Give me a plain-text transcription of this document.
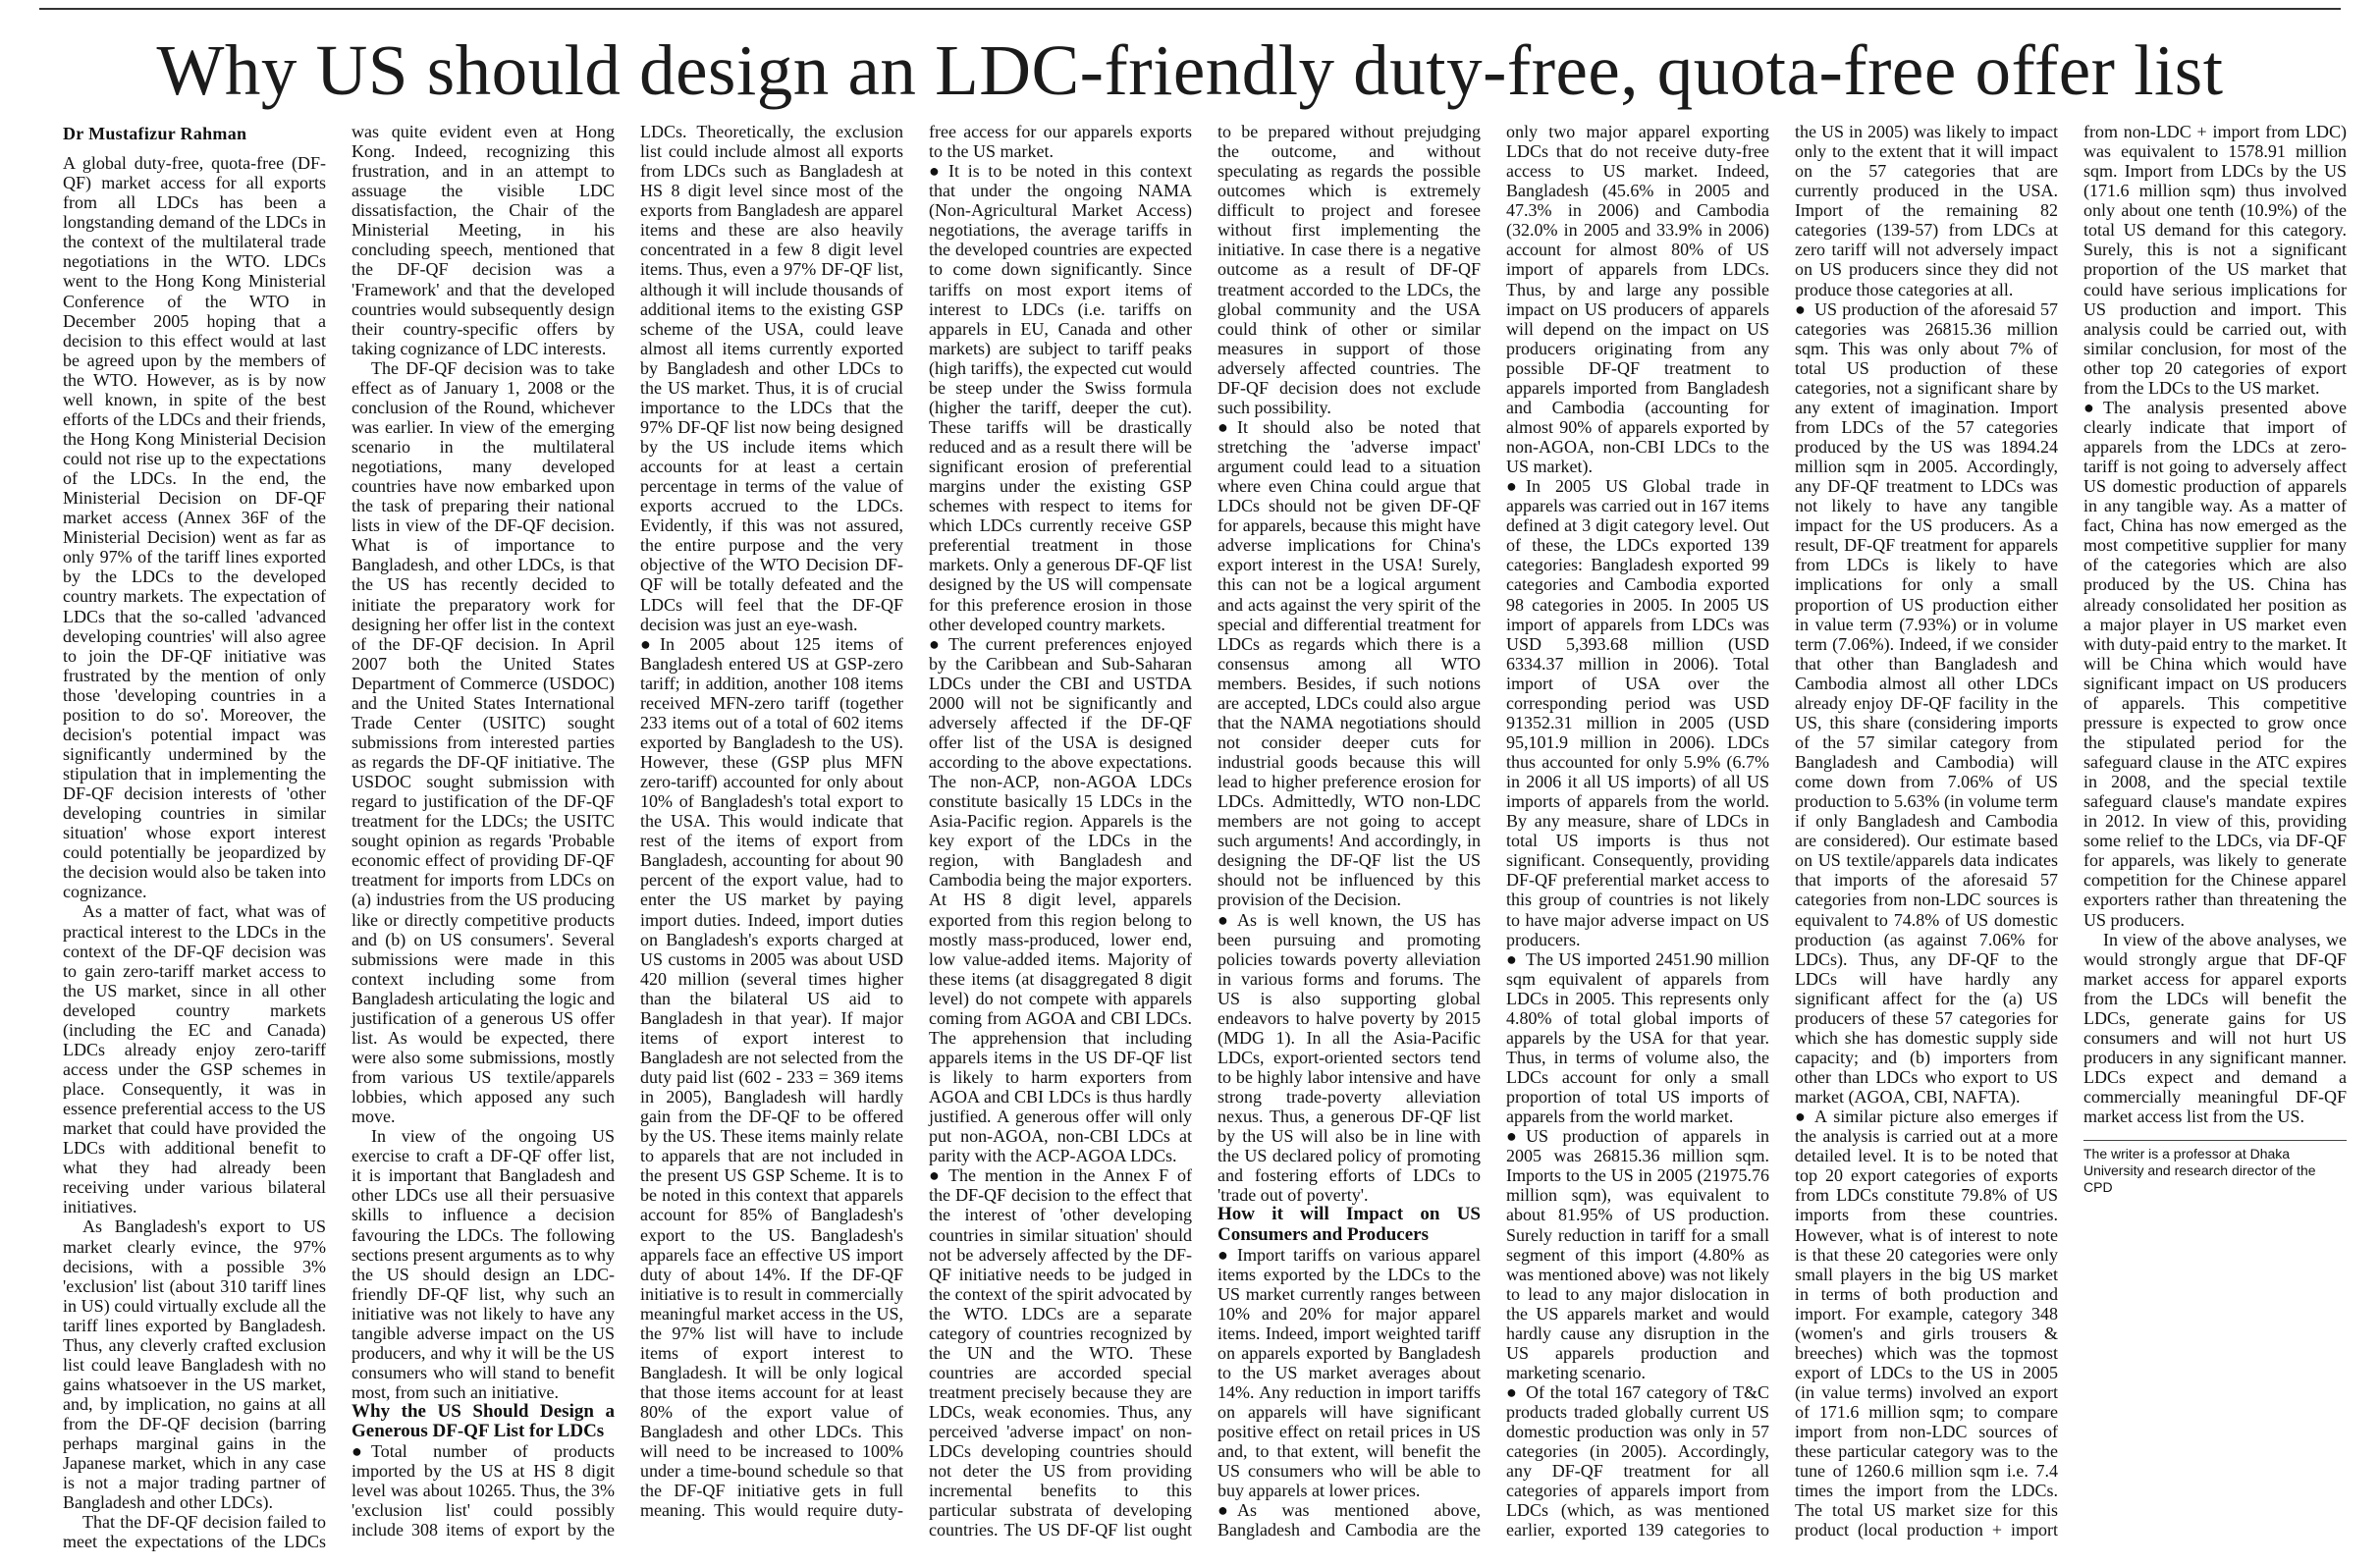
Why US should design an LDC-friendly duty-free, quota-free offer list
Dr Mustafizur Rahman

A global duty-free, quota-free (DF-QF) market access for all exports from all LDCs has been a longstanding demand of the LDCs in the context of the multilateral trade negotiations in the WTO. LDCs went to the Hong Kong Ministerial Conference of the WTO in December 2005 hoping that a decision to this effect would at last be agreed upon by the members of the WTO. However, as is by now well known, in spite of the best efforts of the LDCs and their friends, the Hong Kong Ministerial Decision could not rise up to the expectations of the LDCs. In the end, the Ministerial Decision on DF-QF market access (Annex 36F of the Ministerial Decision) went as far as only 97% of the tariff lines exported by the LDCs to the developed country markets. The expectation of LDCs that the so-called 'advanced developing countries' will also agree to join the DF-QF initiative was frustrated by the mention of only those 'developing countries in a position to do so'. Moreover, the decision's potential impact was significantly undermined by the stipulation that in implementing the DF-QF decision interests of 'other developing countries in similar situation' whose export interest could potentially be jeopardized by the decision would also be taken into cognizance.

As a matter of fact, what was of practical interest to the LDCs in the context of the DF-QF decision was to gain zero-tariff market access to the US market, since in all other developed country markets (including the EC and Canada) LDCs already enjoy zero-tariff access under the GSP schemes in place. Consequently, it was in essence preferential access to the US market that could have provided the LDCs with additional benefit to what they had already been receiving under various bilateral initiatives.

As Bangladesh's export to US market clearly evince, the 97% decisions, with a possible 3% 'exclusion' list (about 310 tariff lines in US) could virtually exclude all the tariff lines exported by Bangladesh. Thus, any cleverly crafted exclusion list could leave Bangladesh with no gains whatsoever in the US market, and, by implication, no gains at all from the DF-QF decision (barring perhaps marginal gains in the Japanese market, which in any case is not a major trading partner of Bangladesh and other LDCs).

That the DF-QF decision failed to meet the expectations of the LDCs was quite evident even at Hong Kong. Indeed, recognizing this frustration, and in an attempt to assuage the visible LDC dissatisfaction, the Chair of the Ministerial Meeting, in his concluding speech, mentioned that the DF-QF decision was a 'Framework' and that the developed countries would subsequently design their country-specific offers by taking cognizance of LDC interests.

The DF-QF decision was to take effect as of January 1, 2008 or the conclusion of the Round, whichever was earlier. In view of the emerging scenario in the multilateral negotiations, many developed countries have now embarked upon the task of preparing their national lists in view of the DF-QF decision. What is of importance to Bangladesh, and other LDCs, is that the US has recently decided to initiate the preparatory work for designing her offer list in the context of the DF-QF decision. In April 2007 both the United States Department of Commerce (USDOC) and the United States International Trade Center (USITC) sought submissions from interested parties as regards the DF-QF initiative. The USDOC sought submission with regard to justification of the DF-QF treatment for the LDCs; the USITC sought opinion as regards 'Probable economic effect of providing DF-QF treatment for imports from LDCs on (a) industries from the US producing like or directly competitive products and (b) on US consumers'. Several submissions were made in this context including some from Bangladesh articulating the logic and justification of a generous US offer list. As would be expected, there were also some submissions, mostly from various US textile/apparels lobbies, which apposed any such move.

In view of the ongoing US exercise to craft a DF-QF offer list, it is important that Bangladesh and other LDCs use all their persuasive skills to influence a decision favouring the LDCs. The following sections present arguments as to why the US should design an LDC-friendly DF-QF list, why such an initiative was not likely to have any tangible adverse impact on the US producers, and why it will be the US consumers who will stand to benefit most, from such an initiative.

Why the US Should Design a Generous DF-QF List for LDCs

● Total number of products imported by the US at HS 8 digit level was about 10265. Thus, the 3% 'exclusion list' could possibly include 308 items of export by the LDCs. Theoretically, the exclusion list could include almost all exports from LDCs such as Bangladesh at HS 8 digit level since most of the exports from Bangladesh are apparel items and these are also heavily concentrated in a few 8 digit level items. Thus, even a 97% DF-QF list, although it will include thousands of additional items to the existing GSP scheme of the USA, could leave almost all items currently exported by Bangladesh and other LDCs to the US market. Thus, it is of crucial importance to the LDCs that the 97% DF-QF list now being designed by the US include items which accounts for at least a certain percentage in terms of the value of exports accrued to the LDCs. Evidently, if this was not assured, the entire purpose and the very objective of the WTO Decision DF-QF will be totally defeated and the LDCs will feel that the DF-QF decision was just an eye-wash.

● In 2005 about 125 items of Bangladesh entered US at GSP-zero tariff; in addition, another 108 items received MFN-zero tariff (together 233 items out of a total of 602 items exported by Bangladesh to the US). However, these (GSP plus MFN zero-tariff) accounted for only about 10% of Bangladesh's total export to the USA. This would indicate that rest of the items of export from Bangladesh, accounting for about 90 percent of the export value, had to enter the US market by paying import duties. Indeed, import duties on Bangladesh's exports charged at US customs in 2005 was about USD 420 million (several times higher than the bilateral US aid to Bangladesh in that year). If major items of export interest to Bangladesh are not selected from the duty paid list (602 - 233 = 369 items in 2005), Bangladesh will hardly gain from the DF-QF to be offered by the US. These items mainly relate to apparels that are not included in the present US GSP Scheme. It is to be noted in this context that apparels account for 85% of Bangladesh's export to the US. Bangladesh's apparels face an effective US import duty of about 14%. If the DF-QF initiative is to result in commercially meaningful market access in the US, the 97% list will have to include items of export interest to Bangladesh. It will be only logical that those items account for at least 80% of the export value of Bangladesh and other LDCs. This will need to be increased to 100% under a time-bound schedule so that the DF-QF initiative gets in full meaning. This would require duty-free access for our apparels exports to the US market.

● It is to be noted in this context that under the ongoing NAMA (Non-Agricultural Market Access) negotiations, the average tariffs in the developed countries are expected to come down significantly. Since tariffs on most export items of interest to LDCs (i.e. tariffs on apparels in EU, Canada and other markets) are subject to tariff peaks (high tariffs), the expected cut would be steep under the Swiss formula (higher the tariff, deeper the cut). These tariffs will be drastically reduced and as a result there will be significant erosion of preferential margins under the existing GSP schemes with respect to items for which LDCs currently receive GSP preferential treatment in those markets. Only a generous DF-QF list designed by the US will compensate for this preference erosion in those other developed country markets.

● The current preferences enjoyed by the Caribbean and Sub-Saharan LDCs under the CBI and USTDA 2000 will not be significantly and adversely affected if the DF-QF offer list of the USA is designed according to the above expectations. The non-ACP, non-AGOA LDCs constitute basically 15 LDCs in the Asia-Pacific region. Apparels is the key export of the LDCs in the region, with Bangladesh and Cambodia being the major exporters. At HS 8 digit level, apparels exported from this region belong to mostly mass-produced, lower end, low value-added items. Majority of these items (at disaggregated 8 digit level) do not compete with apparels coming from AGOA and CBI LDCs. The apprehension that including apparels items in the US DF-QF list is likely to harm exporters from AGOA and CBI LDCs is thus hardly justified. A generous offer will only put non-AGOA, non-CBI LDCs at parity with the ACP-AGOA LDCs.

● The mention in the Annex F of the DF-QF decision to the effect that the interest of 'other developing countries in similar situation' should not be adversely affected by the DF-QF initiative needs to be judged in the context of the spirit advocated by the WTO. LDCs are a separate category of countries recognized by the UN and the WTO. These countries are accorded special treatment precisely because they are LDCs, weak economies. Thus, any perceived 'adverse impact' on non-LDCs developing countries should not deter the US from providing incremental benefits to this particular substrata of developing countries. The US DF-QF list ought to be prepared without prejudging the outcome, and without speculating as regards the possible outcomes which is extremely difficult to project and foresee without first implementing the initiative. In case there is a negative outcome as a result of DF-QF treatment accorded to the LDCs, the global community and the USA could think of other or similar measures in support of those adversely affected countries. The DF-QF decision does not exclude such possibility.

● It should also be noted that stretching the 'adverse impact' argument could lead to a situation where even China could argue that LDCs should not be given DF-QF for apparels, because this might have adverse implications for China's export interest in the USA! Surely, this can not be a logical argument and acts against the very spirit of the special and differential treatment for LDCs as regards which there is a consensus among all WTO members. Besides, if such notions are accepted, LDCs could also argue that the NAMA negotiations should not consider deeper cuts for industrial goods because this will lead to higher preference erosion for LDCs. Admittedly, WTO non-LDC members are not going to accept such arguments! And accordingly, in designing the DF-QF list the US should not be influenced by this provision of the Decision.

● As is well known, the US has been pursuing and promoting policies towards poverty alleviation in various forms and forums. The US is also supporting global endeavors to halve poverty by 2015 (MDG 1). In all the Asia-Pacific LDCs, export-oriented sectors tend to be highly labor intensive and have strong trade-poverty alleviation nexus. Thus, a generous DF-QF list by the US will also be in line with the US declared policy of promoting and fostering efforts of LDCs to 'trade out of poverty'.

How it will Impact on US Consumers and Producers

● Import tariffs on various apparel items exported by the LDCs to the US market currently ranges between 10% and 20% for major apparel items. Indeed, import weighted tariff on apparels exported by Bangladesh to the US market averages about 14%. Any reduction in import tariffs on apparels will have significant positive effect on retail prices in US and, to that extent, will benefit the US consumers who will be able to buy apparels at lower prices.

● As was mentioned above, Bangladesh and Cambodia are the only two major apparel exporting LDCs that do not receive duty-free access to US market. Indeed, Bangladesh (45.6% in 2005 and 47.3% in 2006) and Cambodia (32.0% in 2005 and 33.9% in 2006) account for almost 80% of US import of apparels from LDCs. Thus, by and large any possible impact on US producers of apparels will depend on the impact on US producers originating from any possible DF-QF treatment to apparels imported from Bangladesh and Cambodia (accounting for almost 90% of apparels exported by non-AGOA, non-CBI LDCs to the US market).

● In 2005 US Global trade in apparels was carried out in 167 items defined at 3 digit category level. Out of these, the LDCs exported 139 categories: Bangladesh exported 99 categories and Cambodia exported 98 categories in 2005. In 2005 US import of apparels from LDCs was USD 5,393.68 million (USD 6334.37 million in 2006). Total import of USA over the corresponding period was USD 91352.31 million in 2005 (USD 95,101.9 million in 2006). LDCs thus accounted for only 5.9% (6.7% in 2006 it all US imports) of all US imports of apparels from the world. By any measure, share of LDCs in total US imports is thus not significant. Consequently, providing DF-QF preferential market access to this group of countries is not likely to have major adverse impact on US producers.

● The US imported 2451.90 million sqm equivalent of apparels from LDCs in 2005. This represents only 4.80% of total global imports of apparels by the USA for that year. Thus, in terms of volume also, the LDCs account for only a small proportion of total US imports of apparels from the world market.

● US production of apparels in 2005 was 26815.36 million sqm. Imports to the US in 2005 (21975.76 million sqm), was equivalent to about 81.95% of US production. Surely reduction in tariff for a small segment of this import (4.80% as was mentioned above) was not likely to lead to any major dislocation in the US apparels market and would hardly cause any disruption in the US apparels production and marketing scenario.

● Of the total 167 category of T&C products traded globally current US domestic production was only in 57 categories (in 2005). Accordingly, any DF-QF treatment for all categories of apparels import from LDCs (which, as was mentioned earlier, exported 139 categories to the US in 2005) was likely to impact only to the extent that it will impact on the 57 categories that are currently produced in the USA. Import of the remaining 82 categories (139-57) from LDCs at zero tariff will not adversely impact on US producers since they did not produce those categories at all.

● US production of the aforesaid 57 categories was 26815.36 million sqm. This was only about 7% of total US production of these categories, not a significant share by any extent of imagination. Import from LDCs of the 57 categories produced by the US was 1894.24 million sqm in 2005. Accordingly, any DF-QF treatment to LDCs was not likely to have any tangible impact for the US producers. As a result, DF-QF treatment for apparels from LDCs is likely to have implications for only a small proportion of US production either in value term (7.93%) or in volume term (7.06%). Indeed, if we consider that other than Bangladesh and Cambodia almost all other LDCs already enjoy DF-QF facility in the US, this share (considering imports of the 57 similar category from Bangladesh and Cambodia) will come down from 7.06% of US production to 5.63% (in volume term if only Bangladesh and Cambodia are considered). Our estimate based on US textile/apparels data indicates that imports of the aforesaid 57 categories from non-LDC sources is equivalent to 74.8% of US domestic production (as against 7.06% for LDCs). Thus, any DF-QF to the LDCs will have hardly any significant affect for the (a) US producers of these 57 categories for which she has domestic supply side capacity; and (b) importers from other than LDCs who export to US market (AGOA, CBI, NAFTA).

● A similar picture also emerges if the analysis is carried out at a more detailed level. It is to be noted that top 20 export categories of exports from LDCs constitute 79.8% of US imports from these countries. However, what is of interest to note is that these 20 categories were only small players in the big US market in terms of both production and import. For example, category 348 (women's and girls trousers & breeches) which was the topmost export of LDCs to the US in 2005 (in value terms) involved an export of 171.6 million sqm; to compare import from non-LDC sources of these particular category was to the tune of 1260.6 million sqm i.e. 7.4 times the import from the LDCs. The total US market size for this product (local production + import from non-LDC + import from LDC) was equivalent to 1578.91 million sqm. Import from LDCs by the US (171.6 million sqm) thus involved only about one tenth (10.9%) of the total US demand for this category. Surely, this is not a significant proportion of the US market that could have serious implications for US production and import. This analysis could be carried out, with similar conclusion, for most of the other top 20 categories of export from the LDCs to the US market.

● The analysis presented above clearly indicate that import of apparels from the LDCs at zero-tariff is not going to adversely affect US domestic production of apparels in any tangible way. As a matter of fact, China has now emerged as the most competitive supplier for many of the categories which are also produced by the US. China has already consolidated her position as a major player in US market even with duty-paid entry to the market. It will be China which would have significant impact on US producers of apparels. This competitive pressure is expected to grow once the stipulated period for the safeguard clause in the ATC expires in 2008, and the special textile safeguard clause's mandate expires in 2012. In view of this, providing some relief to the LDCs, via DF-QF for apparels, was likely to generate competition for the Chinese apparel exporters rather than threatening the US producers.

In view of the above analyses, we would strongly argue that DF-QF market access for apparel exports from the LDCs will benefit the LDCs, generate gains for US consumers and will not hurt US producers in any significant manner. LDCs expect and demand a commercially meaningful DF-QF market access list from the US.

The writer is a professor at Dhaka University and research director of the CPD
